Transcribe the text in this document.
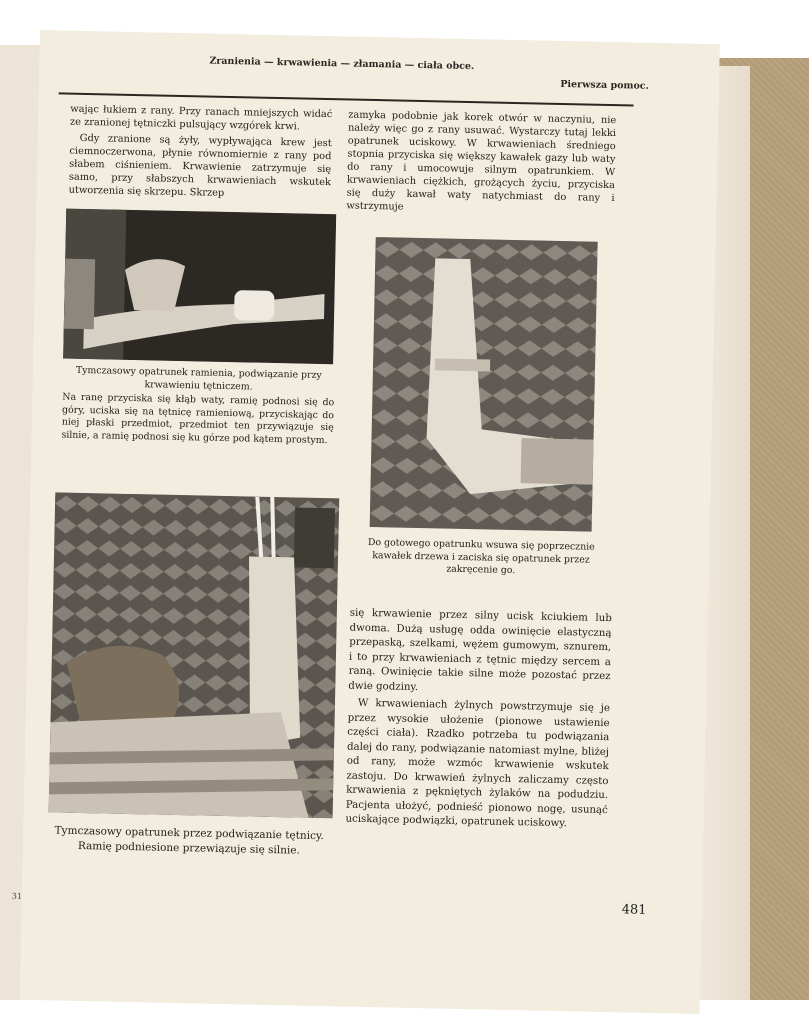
Zranienia — krwawienia — złamania — ciała obce.
Pierwsza pomoc.

wając łukiem z rany. Przy ranach mniejszych widać ze zranionej tętniczki pulsujący wzgórek krwi.

Gdy zranione są żyły, wypływająca krew jest ciemnoczerwona, płynie równomiernie z rany pod słabem ciśnieniem. Krwawienie zatrzymuje się samo, przy słabszych krwawieniach wskutek utworzenia się skrzepu. Skrzep

zamyka podobnie jak korek otwór w naczyniu, nie należy więc go z rany usuwać. Wystarczy tutaj lekki opatrunek uciskowy. W krwawieniach średniego stopnia przyciska się większy kawałek gazy lub waty do rany i umocowuje silnym opatrunkiem. W krwawieniach ciężkich, grożących życiu, przyciska się duży kawał waty natychmiast do rany i wstrzymuje

Tymczasowy opatrunek ramienia, podwiązanie przy krwawieniu tętniczem.
Na ranę przyciska się kłąb waty, ramię podnosi się do góry, uciska się na tętnicę ramieniową, przyciskając do niej płaski przedmiot, przedmiot ten przywiązuje się silnie, a ramię podnosi się ku górze pod kątem prostym.
Do gotowego opatrunku wsuwa się poprzecznie kawałek drzewa i zaciska się opatrunek przez zakręcenie go.
Tymczasowy opatrunek przez podwiązanie tętnicy.
Ramię podniesione przewiązuje się silnie.

się krwawienie przez silny ucisk kciukiem lub dwoma. Dużą usługę odda owinięcie elastyczną przepaską, szelkami, wężem gumowym, sznurem, i to przy krwawieniach z tętnic między sercem a raną. Owinięcie takie silne może pozostać przez dwie godziny.

W krwawieniach żylnych powstrzymuje się je przez wysokie ułożenie (pionowe ustawienie części ciała). Rzadko potrzeba tu podwiązania dalej do rany, podwiązanie natomiast mylne, bliżej od rany, może wzmóc krwawienie wskutek zastoju. Do krwawień żylnych zaliczamy często krwawienia z pękniętych żylaków na podudziu. Pacjenta ułożyć, podnieść pionowo nogę, usunąć uciskające podwiązki, opatrunek uciskowy.

31
481
